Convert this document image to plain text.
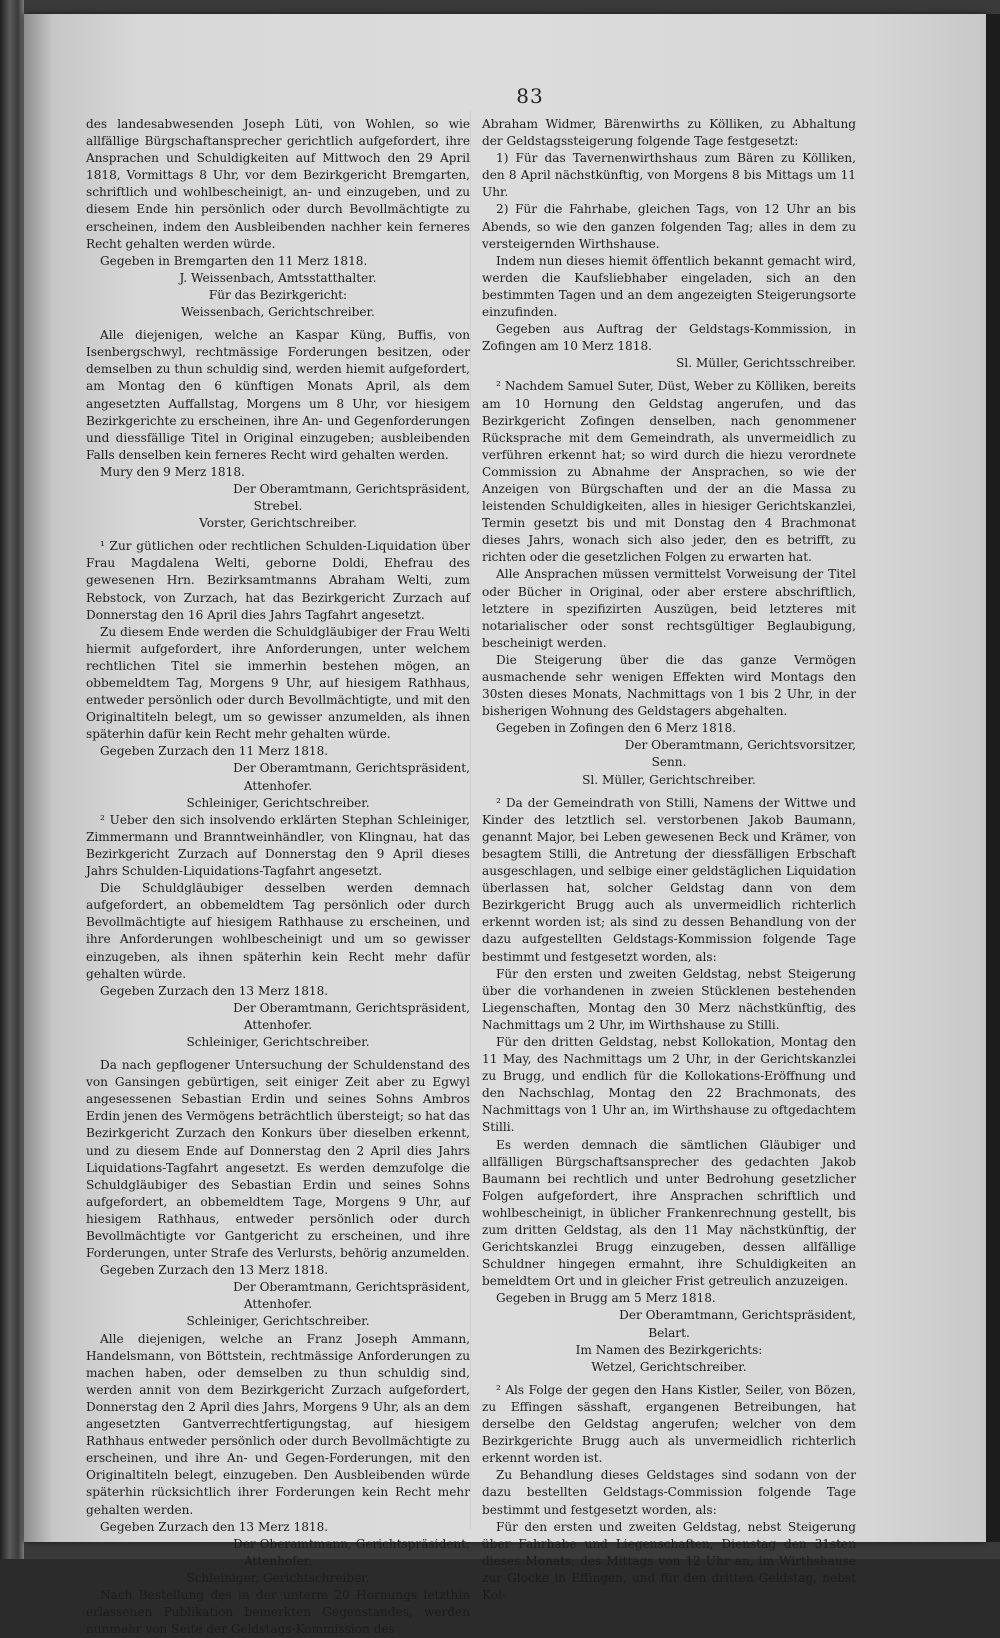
83

des landesabwesenden Joseph Lüti, von Wohlen, so wie allfällige Bürgschaftansprecher gerichtlich aufgefordert, ihre Ansprachen und Schuldigkeiten auf Mittwoch den 29 April 1818, Vormittags 8 Uhr, vor dem Bezirkgericht Bremgarten, schriftlich und wohlbescheinigt, an- und einzugeben, und zu diesem Ende hin persönlich oder durch Bevollmächtigte zu erscheinen, indem den Ausbleibenden nachher kein ferneres Recht gehalten werden würde.

Gegeben in Bremgarten den 11 Merz 1818.

J. Weissenbach, Amtsstatthalter.

Für das Bezirkgericht:

Weissenbach, Gerichtschreiber.

Alle diejenigen, welche an Kaspar Küng, Buffis, von Isenbergschwyl, rechtmässige Forderungen besitzen, oder demselben zu thun schuldig sind, werden hiemit aufgefordert, am Montag den 6 künftigen Monats April, als dem angesetzten Auffallstag, Morgens um 8 Uhr, vor hiesigem Bezirkgerichte zu erscheinen, ihre An- und Gegenforderungen und diessfällige Titel in Original einzugeben; ausbleibenden Falls denselben kein ferneres Recht wird gehalten werden.

Mury den 9 Merz 1818.

Der Oberamtmann, Gerichtspräsident,

Strebel.

Vorster, Gerichtschreiber.

¹ Zur gütlichen oder rechtlichen Schulden-Liquidation über Frau Magdalena Welti, geborne Doldi, Ehefrau des gewesenen Hrn. Bezirksamtmanns Abraham Welti, zum Rebstock, von Zurzach, hat das Bezirkgericht Zurzach auf Donnerstag den 16 April dies Jahrs Tagfahrt angesetzt.

Zu diesem Ende werden die Schuldgläubiger der Frau Welti hiermit aufgefordert, ihre Anforderungen, unter welchem rechtlichen Titel sie immerhin bestehen mögen, an obbemeldtem Tag, Morgens 9 Uhr, auf hiesigem Rathhaus, entweder persönlich oder durch Bevollmächtigte, und mit den Originaltiteln belegt, um so gewisser anzumelden, als ihnen späterhin dafür kein Recht mehr gehalten würde.

Gegeben Zurzach den 11 Merz 1818.

Der Oberamtmann, Gerichtspräsident,

Attenhofer.

Schleiniger, Gerichtschreiber.

² Ueber den sich insolvendo erklärten Stephan Schleiniger, Zimmermann und Branntweinhändler, von Klingnau, hat das Bezirkgericht Zurzach auf Donnerstag den 9 April dieses Jahrs Schulden-Liquidations-Tagfahrt angesetzt.

Die Schuldgläubiger desselben werden demnach aufgefordert, an obbemeldtem Tag persönlich oder durch Bevollmächtigte auf hiesigem Rathhause zu erscheinen, und ihre Anforderungen wohlbescheinigt und um so gewisser einzugeben, als ihnen späterhin kein Recht mehr dafür gehalten würde.

Gegeben Zurzach den 13 Merz 1818.

Der Oberamtmann, Gerichtspräsident,

Attenhofer.

Schleiniger, Gerichtschreiber.

Da nach gepflogener Untersuchung der Schuldenstand des von Gansingen gebürtigen, seit einiger Zeit aber zu Egwyl angesessenen Sebastian Erdin und seines Sohns Ambros Erdin jenen des Vermögens beträchtlich übersteigt; so hat das Bezirkgericht Zurzach den Konkurs über dieselben erkennt, und zu diesem Ende auf Donnerstag den 2 April dies Jahrs Liquidations-Tagfahrt angesetzt. Es werden demzufolge die Schuldgläubiger des Sebastian Erdin und seines Sohns aufgefordert, an obbemeldtem Tage, Morgens 9 Uhr, auf hiesigem Rathhaus, entweder persönlich oder durch Bevollmächtigte vor Gantgericht zu erscheinen, und ihre Forderungen, unter Strafe des Verlursts, behörig anzumelden.

Gegeben Zurzach den 13 Merz 1818.

Der Oberamtmann, Gerichtspräsident,

Attenhofer.

Schleiniger, Gerichtschreiber.

Alle diejenigen, welche an Franz Joseph Ammann, Handelsmann, von Böttstein, rechtmässige Anforderungen zu machen haben, oder demselben zu thun schuldig sind, werden annit von dem Bezirkgericht Zurzach aufgefordert, Donnerstag den 2 April dies Jahrs, Morgens 9 Uhr, als an dem angesetzten Gantverrechtfertigungstag, auf hiesigem Rathhaus entweder persönlich oder durch Bevollmächtigte zu erscheinen, und ihre An- und Gegen-Forderungen, mit den Originaltiteln belegt, einzugeben. Den Ausbleibenden würde späterhin rücksichtlich ihrer Forderungen kein Recht mehr gehalten werden.

Gegeben Zurzach den 13 Merz 1818.

Der Oberamtmann, Gerichtspräsident,

Attenhofer.

Schleiniger, Gerichtschreiber.

Nach Bestellung des in der unterm 20 Hornungs letzthin erlassenen Publikation bemerkten Gegenstandes, werden nunmehr von Seite der Geldstags-Kommission des

Abraham Widmer, Bärenwirths zu Kölliken, zu Abhaltung der Geldstagssteigerung folgende Tage festgesetzt:

1) Für das Tavernenwirthshaus zum Bären zu Kölliken, den 8 April nächstkünftig, von Morgens 8 bis Mittags um 11 Uhr.

2) Für die Fahrhabe, gleichen Tags, von 12 Uhr an bis Abends, so wie den ganzen folgenden Tag; alles in dem zu versteigernden Wirthshause.

Indem nun dieses hiemit öffentlich bekannt gemacht wird, werden die Kaufsliebhaber eingeladen, sich an den bestimmten Tagen und an dem angezeigten Steigerungsorte einzufinden.

Gegeben aus Auftrag der Geldstags-Kommission, in Zofingen am 10 Merz 1818.

Sl. Müller, Gerichtsschreiber.

² Nachdem Samuel Suter, Düst, Weber zu Kölliken, bereits am 10 Hornung den Geldstag angerufen, und das Bezirkgericht Zofingen denselben, nach genommener Rücksprache mit dem Gemeindrath, als unvermeidlich zu verführen erkennt hat; so wird durch die hiezu verordnete Commission zu Abnahme der Ansprachen, so wie der Anzeigen von Bürgschaften und der an die Massa zu leistenden Schuldigkeiten, alles in hiesiger Gerichtskanzlei, Termin gesetzt bis und mit Donstag den 4 Brachmonat dieses Jahrs, wonach sich also jeder, den es betrifft, zu richten oder die gesetzlichen Folgen zu erwarten hat.

Alle Ansprachen müssen vermittelst Vorweisung der Titel oder Bücher in Original, oder aber erstere abschriftlich, letztere in spezifizirten Auszügen, beid letzteres mit notarialischer oder sonst rechtsgültiger Beglaubigung, bescheinigt werden.

Die Steigerung über die das ganze Vermögen ausmachende sehr wenigen Effekten wird Montags den 30sten dieses Monats, Nachmittags von 1 bis 2 Uhr, in der bisherigen Wohnung des Geldstagers abgehalten.

Gegeben in Zofingen den 6 Merz 1818.

Der Oberamtmann, Gerichtsvorsitzer,

Senn.

Sl. Müller, Gerichtschreiber.

² Da der Gemeindrath von Stilli, Namens der Wittwe und Kinder des letztlich sel. verstorbenen Jakob Baumann, genannt Major, bei Leben gewesenen Beck und Krämer, von besagtem Stilli, die Antretung der diessfälligen Erbschaft ausgeschlagen, und selbige einer geldstäglichen Liquidation überlassen hat, solcher Geldstag dann von dem Bezirkgericht Brugg auch als unvermeidlich richterlich erkennt worden ist; als sind zu dessen Behandlung von der dazu aufgestellten Geldstags-Kommission folgende Tage bestimmt und festgesetzt worden, als:

Für den ersten und zweiten Geldstag, nebst Steigerung über die vorhandenen in zweien Stücklenen bestehenden Liegenschaften, Montag den 30 Merz nächstkünftig, des Nachmittags um 2 Uhr, im Wirthshause zu Stilli.

Für den dritten Geldstag, nebst Kollokation, Montag den 11 May, des Nachmittags um 2 Uhr, in der Gerichtskanzlei zu Brugg, und endlich für die Kollokations-Eröffnung und den Nachschlag, Montag den 22 Brachmonats, des Nachmittags von 1 Uhr an, im Wirthshause zu oftgedachtem Stilli.

Es werden demnach die sämtlichen Gläubiger und allfälligen Bürgschaftsansprecher des gedachten Jakob Baumann bei rechtlich und unter Bedrohung gesetzlicher Folgen aufgefordert, ihre Ansprachen schriftlich und wohlbescheinigt, in üblicher Frankenrechnung gestellt, bis zum dritten Geldstag, als den 11 May nächstkünftig, der Gerichtskanzlei Brugg einzugeben, dessen allfällige Schuldner hingegen ermahnt, ihre Schuldigkeiten an bemeldtem Ort und in gleicher Frist getreulich anzuzeigen.

Gegeben in Brugg am 5 Merz 1818.

Der Oberamtmann, Gerichtspräsident,

Belart.

Im Namen des Bezirkgerichts:

Wetzel, Gerichtschreiber.

² Als Folge der gegen den Hans Kistler, Seiler, von Bözen, zu Effingen sässhaft, ergangenen Betreibungen, hat derselbe den Geldstag angerufen; welcher von dem Bezirkgerichte Brugg auch als unvermeidlich richterlich erkennt worden ist.

Zu Behandlung dieses Geldstages sind sodann von der dazu bestellten Geldstags-Commission folgende Tage bestimmt und festgesetzt worden, als:

Für den ersten und zweiten Geldstag, nebst Steigerung über Fahrhabe und Liegenschaften, Dienstag den 31sten dieses Monats, des Mittags von 12 Uhr an, im Wirthshause zur Glocke in Effingen, und für den dritten Geldstag, nebst Kol-
